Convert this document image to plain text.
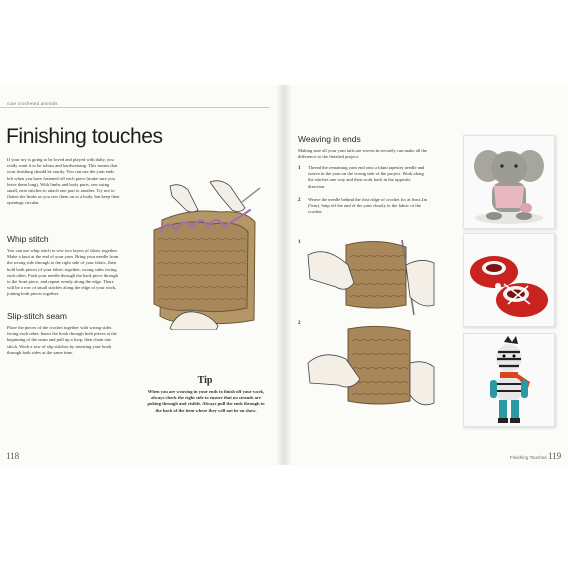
cute crocheted animals
Finishing touches
If your toy is going to be loved and played with daily, you really want it to be robust and hardwearing. This means that your finishing should be sturdy. You can use the yarn ends left when you have fastened off each piece (make sure you leave them long). With limbs and body parts, sew using small, neat stitches to attach one part to another. Try not to flatten the limbs as you sew them on to a body, but keep their openings circular.
Whip stitch
You can use whip stitch to sew two layers of fabric together. Make a knot at the end of your yarn. Bring your needle from the wrong side through to the right side of your fabric, then hold both pieces of your fabric together, wrong sides facing each other. Push your needle through the back piece through to the front piece, and repeat evenly along the edge. There will be a row of small stitches along the edge of your work, joining both pieces together.
Slip-stitch seam
Place the pieces of the crochet together with wrong sides facing each other. Insert the hook through both pieces at the beginning of the seam and pull up a loop, then chain one stitch. Work a row of slip stitches by inserting your hook through both sides at the same time.
Tip
When you are weaving in your ends to finish off your work, always check the right side to ensure that no strands are poking through and visible. Always pull the ends through to the back of the item where they will not be on show.
118
Weaving in ends
Making sure all your yarn tails are woven in securely can make all the difference to the finished project.
1 Thread the remaining yarn end onto a blunt tapestry needle and weave in the yarn on the wrong side of the project. Work along the stitches one way and then work back in the opposite direction.
2 Weave the needle behind the first ridge of crochet for at least 2in (5cm). Snip off the end of the yarn closely to the fabric of the crochet.
1
2
Finishing Touches 119
